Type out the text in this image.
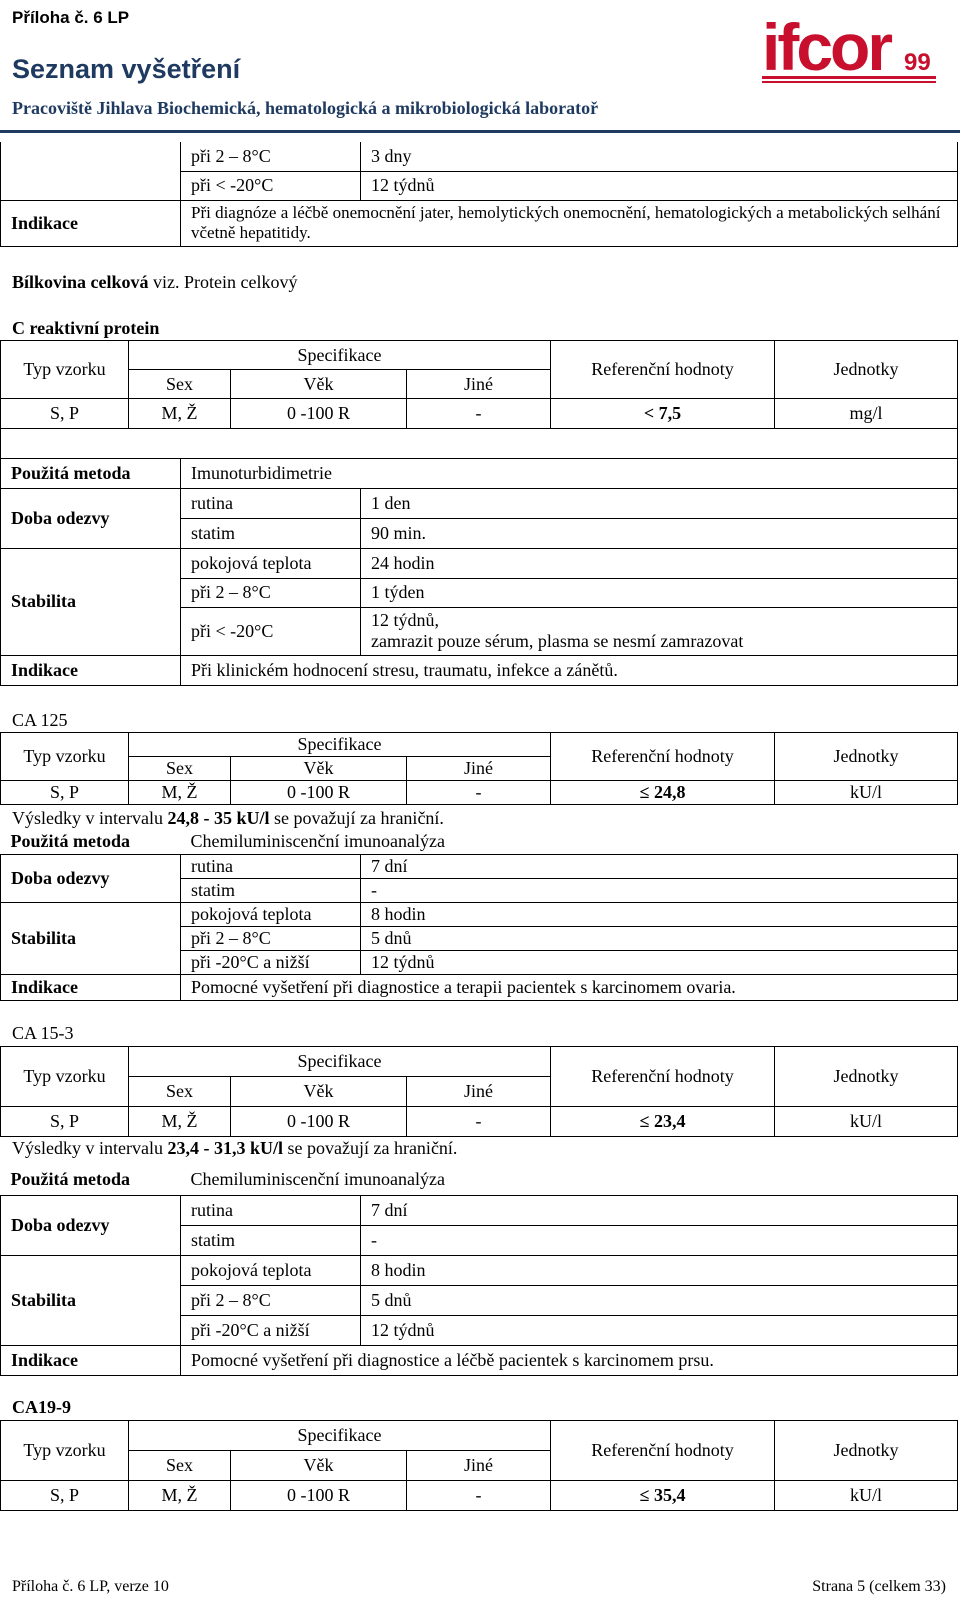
Příloha č. 6 LP
Seznam vyšetření
Pracoviště Jihlava Biochemická, hematologická a mikrobiologická laboratoř
ifcor 99
	při 2 – 8°C	3 dny
	při < -20°C	12 týdnů
Indikace	Při diagnóze a léčbě onemocnění jater, hemolytických onemocnění, hematologických a metabolických selhání včetně hepatitidy.	
Bílkovina celková viz. Protein celkový
C reaktivní protein
Typ vzorku	Specifikace			Referenční hodnoty	Jednotky
	Sex	Věk	Jiné		
S, P	M, Ž	0 -100 R	-	< 7,5	mg/l

Použitá metoda	Imunoturbidimetrie	
Doba odezvy	rutina	1 den
	statim	90 min.
Stabilita	pokojová teplota	24 hodin
	při 2 – 8°C	1 týden
	při < -20°C	12 týdnů,
zamrazit pouze sérum, plasma se nesmí zamrazovat

Indikace	Při klinickém hodnocení stresu, traumatu, infekce a zánětů.	
CA 125
Typ vzorku	Specifikace			Referenční hodnoty	Jednotky
	Sex	Věk	Jiné		
S, P	M, Ž	0 -100 R	-	≤ 24,8	kU/l
Výsledky v intervalu 24,8 - 35 kU/l se považují za hraniční.
Použitá metoda	Chemiluminiscenční imunoanalýza	
Doba odezvy	rutina	7 dní
	statim	-
Stabilita	pokojová teplota	8 hodin
	při 2 – 8°C	5 dnů
	při -20°C a nižší	12 týdnů
Indikace	Pomocné vyšetření při diagnostice a terapii pacientek s karcinomem ovaria.	
CA 15-3
Typ vzorku	Specifikace			Referenční hodnoty	Jednotky
	Sex	Věk	Jiné		
S, P	M, Ž	0 -100 R	-	≤ 23,4	kU/l
Výsledky v intervalu 23,4 - 31,3 kU/l se považují za hraniční.
Použitá metoda	Chemiluminiscenční imunoanalýza	
Doba odezvy	rutina	7 dní
	statim	-
Stabilita	pokojová teplota	8 hodin
	při 2 – 8°C	5 dnů
	při -20°C a nižší	12 týdnů
Indikace	Pomocné vyšetření při diagnostice a léčbě pacientek s karcinomem prsu.	
CA19-9
Typ vzorku	Specifikace			Referenční hodnoty	Jednotky
	Sex	Věk	Jiné		
S, P	M, Ž	0 -100 R	-	≤ 35,4	kU/l
Příloha č. 6 LP, verze 10	Strana 5 (celkem 33)
